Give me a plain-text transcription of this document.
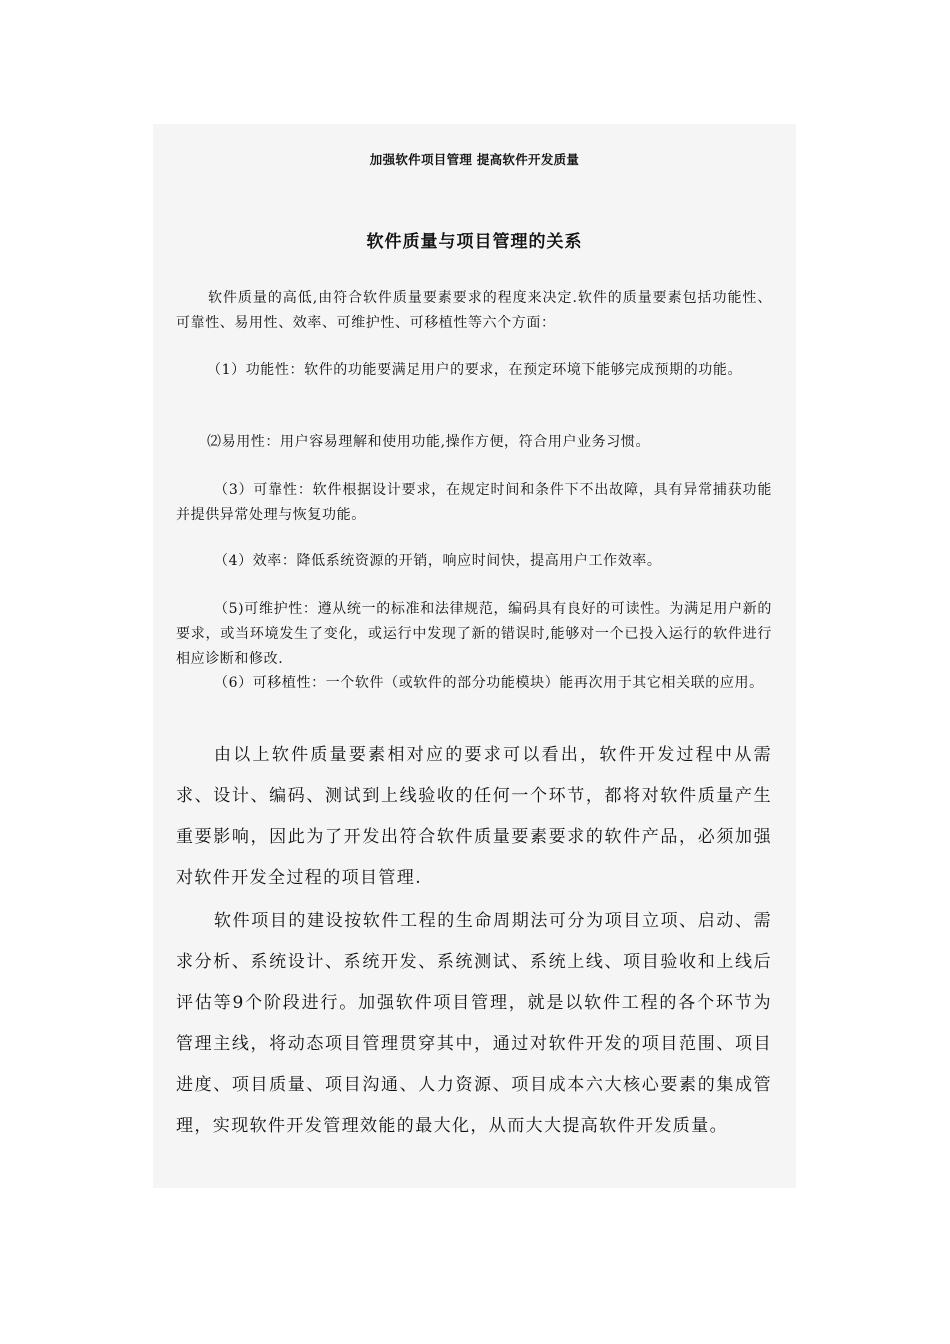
加强软件项目管理 提高软件开发质量
软件质量与项目管理的关系

软件质量的高低,由符合软件质量要素要求的程度来决定.软件的质量要素包括功能性、可靠性、易用性、效率、可维护性、可移植性等六个方面：

（1）功能性：软件的功能要满足用户的要求，在预定环境下能够完成预期的功能。

⑵易用性：用户容易理解和使用功能,操作方便，符合用户业务习惯。

（3）可靠性：软件根据设计要求，在规定时间和条件下不出故障，具有异常捕获功能并提供异常处理与恢复功能。

（4）效率：降低系统资源的开销，响应时间快，提高用户工作效率。

（5)可维护性：遵从统一的标准和法律规范，编码具有良好的可读性。为满足用户新的要求，或当环境发生了变化，或运行中发现了新的错误时,能够对一个已投入运行的软件进行相应诊断和修改.

（6）可移植性：一个软件（或软件的部分功能模块）能再次用于其它相关联的应用。

由以上软件质量要素相对应的要求可以看出，软件开发过程中从需求、设计、编码、测试到上线验收的任何一个环节，都将对软件质量产生重要影响，因此为了开发出符合软件质量要素要求的软件产品，必须加强对软件开发全过程的项目管理.

软件项目的建设按软件工程的生命周期法可分为项目立项、启动、需求分析、系统设计、系统开发、系统测试、系统上线、项目验收和上线后评估等9个阶段进行。加强软件项目管理，就是以软件工程的各个环节为管理主线，将动态项目管理贯穿其中，通过对软件开发的项目范围、项目进度、项目质量、项目沟通、人力资源、项目成本六大核心要素的集成管理，实现软件开发管理效能的最大化，从而大大提高软件开发质量。
